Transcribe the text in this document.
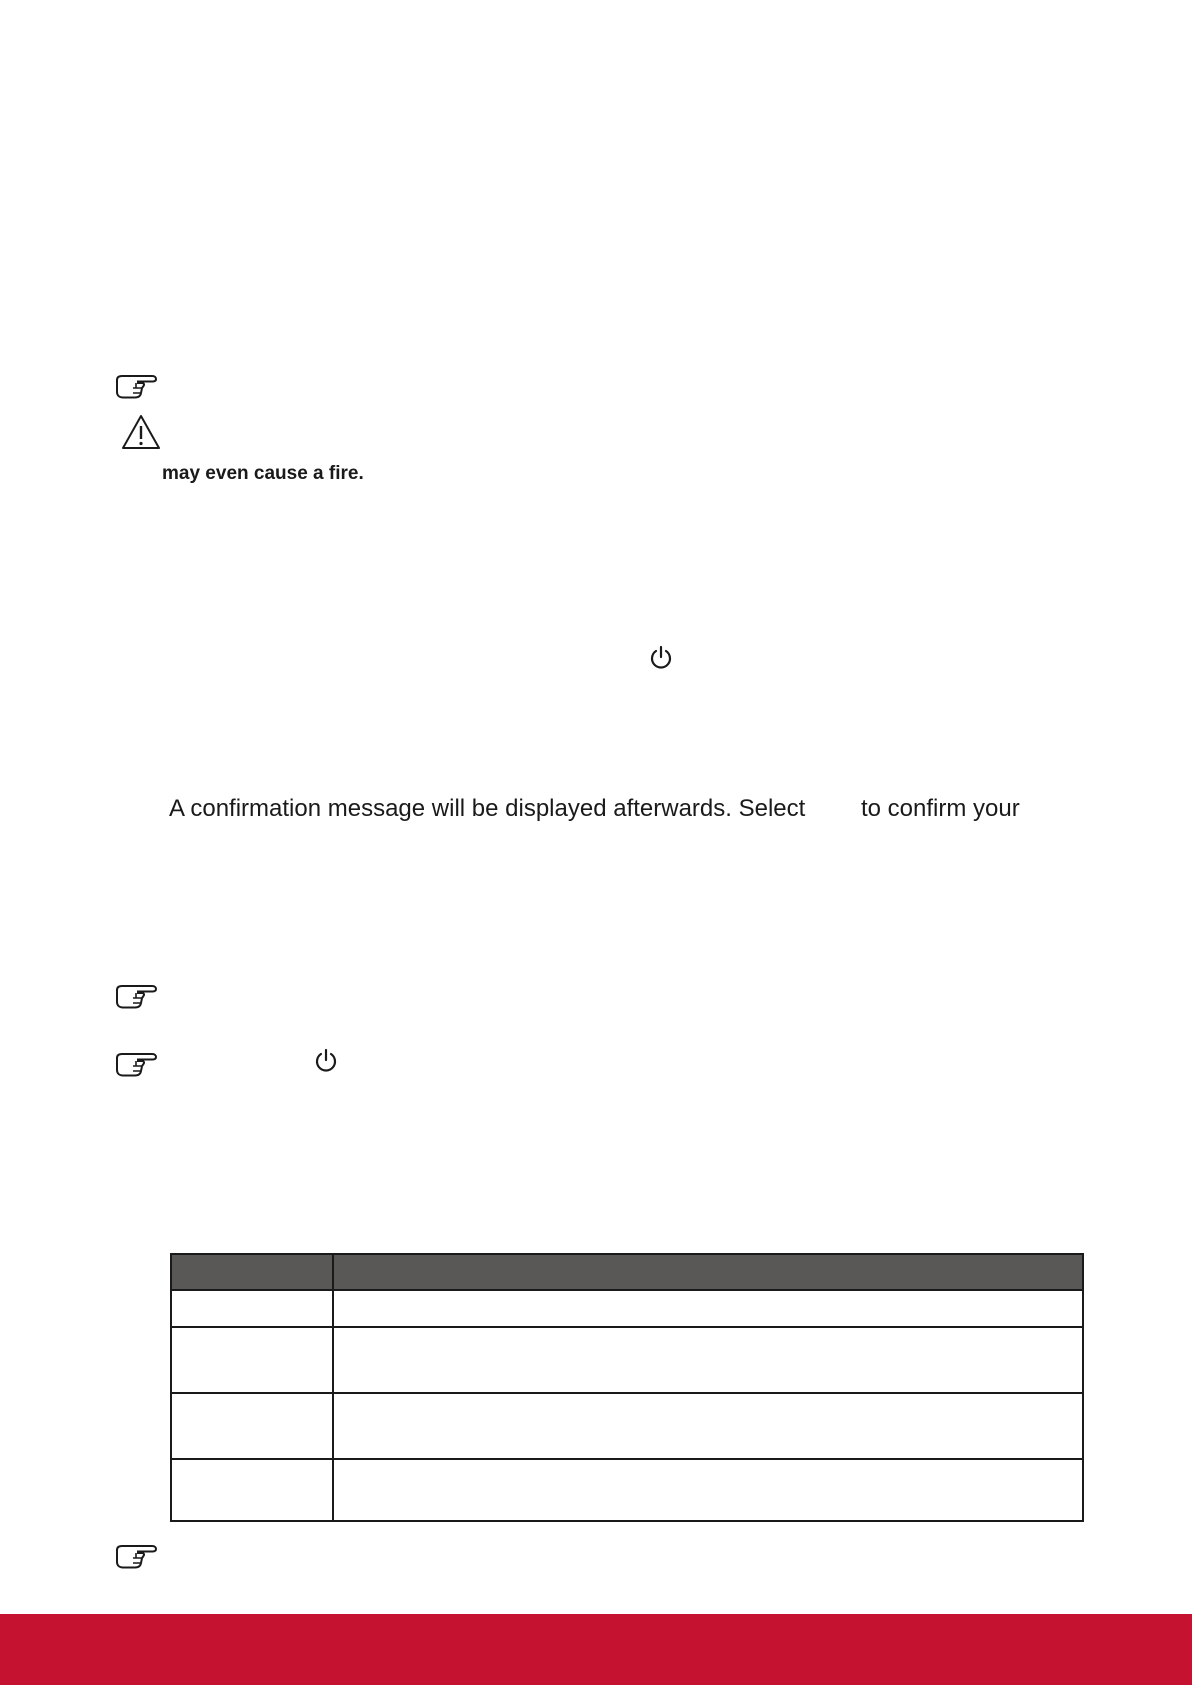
may even cause a fire.
A confirmation message will be displayed afterwards. Select to confirm your
